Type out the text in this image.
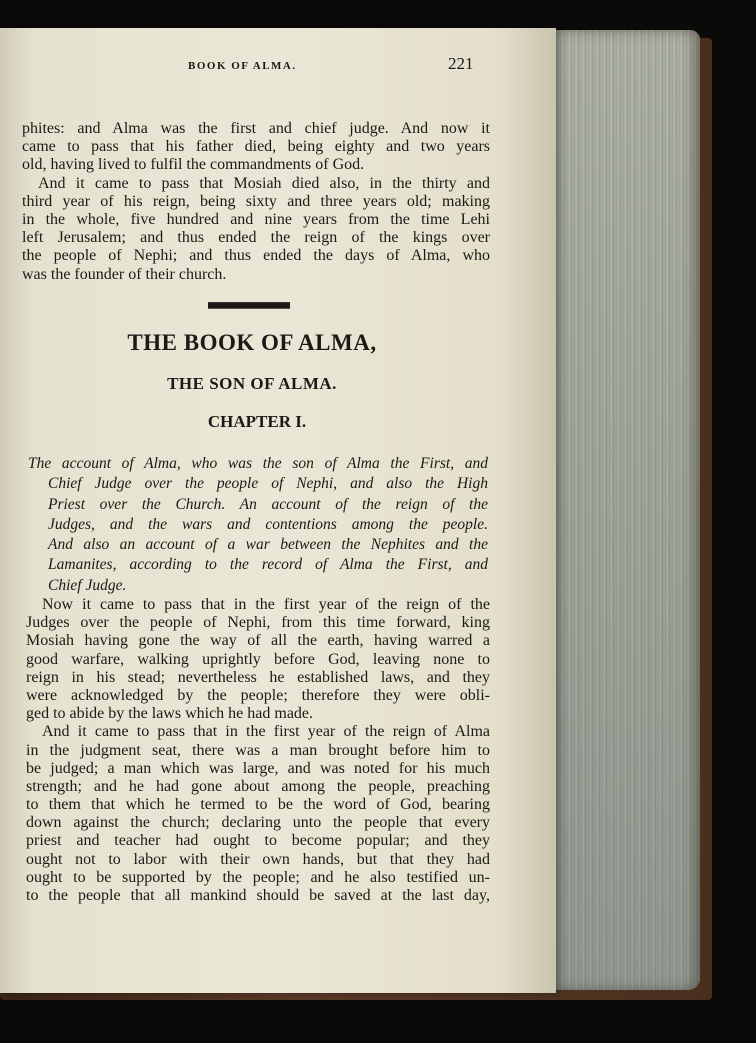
BOOK OF ALMA.	221
phites: and Alma was the first and chief judge. And now it
came to pass that his father died, being eighty and two years
old, having lived to fulfil the commandments of God.
And it came to pass that Mosiah died also, in the thirty and
third year of his reign, being sixty and three years old; making
in the whole, five hundred and nine years from the time Lehi
left Jerusalem; and thus ended the reign of the kings over
the people of Nephi; and thus ended the days of Alma, who
was the founder of their church.
THE BOOK OF ALMA,
THE SON OF ALMA.
CHAPTER I.
The account of Alma, who was the son of Alma the First, and
Chief Judge over the people of Nephi, and also the High
Priest over the Church. An account of the reign of the
Judges, and the wars and contentions among the people.
And also an account of a war between the Nephites and the
Lamanites, according to the record of Alma the First, and
Chief Judge.
Now it came to pass that in the first year of the reign of the
Judges over the people of Nephi, from this time forward, king
Mosiah having gone the way of all the earth, having warred a
good warfare, walking uprightly before God, leaving none to
reign in his stead; nevertheless he established laws, and they
were acknowledged by the people; therefore they were obli-
ged to abide by the laws which he had made.
And it came to pass that in the first year of the reign of Alma
in the judgment seat, there was a man brought before him to
be judged; a man which was large, and was noted for his much
strength; and he had gone about among the people, preaching
to them that which he termed to be the word of God, bearing
down against the church; declaring unto the people that every
priest and teacher had ought to become popular; and they
ought not to labor with their own hands, but that they had
ought to be supported by the people; and he also testified un-
to the people that all mankind should be saved at the last day,
